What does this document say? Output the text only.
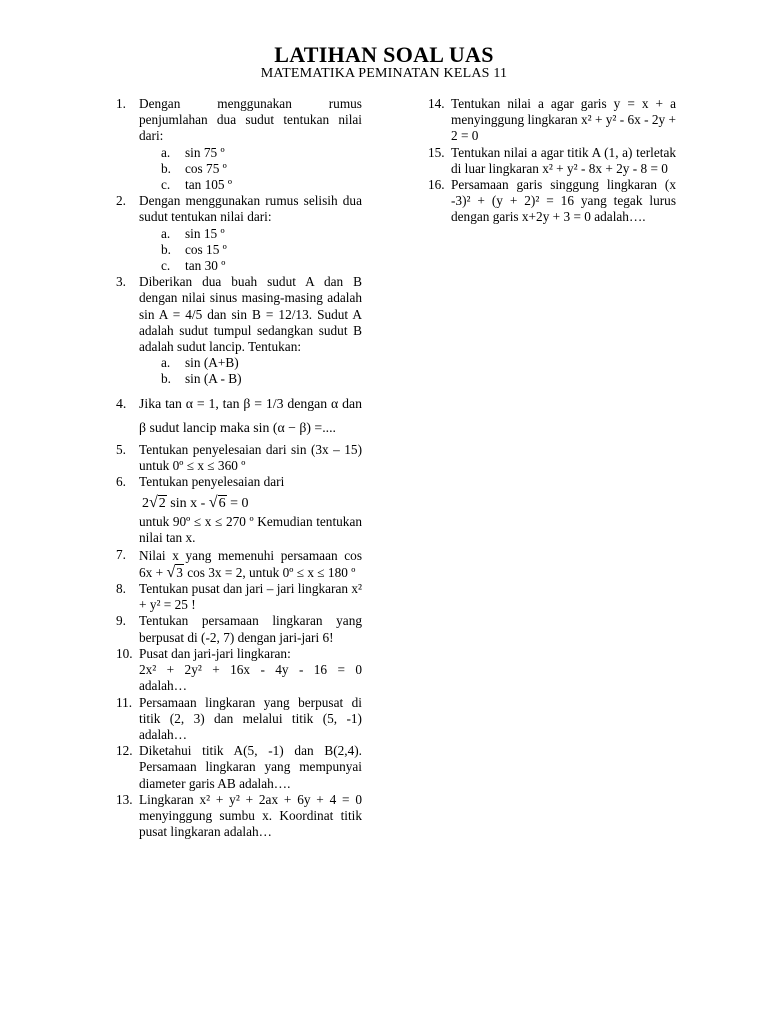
LATIHAN SOAL UAS
MATEMATIKA PEMINATAN KELAS 11
1. Dengan menggunakan rumus penjumlahan dua sudut tentukan nilai dari:
a. sin 75 º
b. cos 75 º
c. tan 105 º
2. Dengan menggunakan rumus selisih dua sudut tentukan nilai dari:
a. sin 15 º
b. cos 15 º
c. tan 30 º
3. Diberikan dua buah sudut A dan B dengan nilai sinus masing-masing adalah sin A = 4/5 dan sin B = 12/13. Sudut A adalah sudut tumpul sedangkan sudut B adalah sudut lancip. Tentukan:
a. sin (A+B)
b. sin (A - B)
4. Jika tan α = 1, tan β = 1/3 dengan α dan β sudut lancip maka sin (α − β) =....
5. Tentukan penyelesaian dari sin (3x – 15) untuk 0º ≤ x ≤ 360 º
6. Tentukan penyelesaian dari
2√2 sin x - √6 = 0
untuk 90º ≤ x ≤ 270 º Kemudian tentukan nilai tan x.
7. Nilai x yang memenuhi persamaan cos 6x + √3 cos 3x = 2, untuk 0º ≤ x ≤ 180 º
8. Tentukan pusat dan jari – jari lingkaran x² + y² = 25 !
9. Tentukan persamaan lingkaran yang berpusat di (-2, 7) dengan jari-jari 6!
10. Pusat dan jari-jari lingkaran:
2x² + 2y² + 16x - 4y - 16 = 0
adalah…
11. Persamaan lingkaran yang berpusat di titik (2, 3) dan melalui titik (5, -1) adalah…
12. Diketahui titik A(5, -1) dan B(2,4). Persamaan lingkaran yang mempunyai diameter garis AB adalah….
13. Lingkaran x² + y² + 2ax + 6y + 4 = 0 menyinggung sumbu x. Koordinat titik pusat lingkaran adalah…
14. Tentukan nilai a agar garis y = x + a menyinggung lingkaran x² + y² - 6x - 2y + 2 = 0
15. Tentukan nilai a agar titik A (1, a) terletak di luar lingkaran x² + y² - 8x + 2y - 8 = 0
16. Persamaan garis singgung lingkaran (x -3)² + (y + 2)² = 16 yang tegak lurus dengan garis x+2y + 3 = 0 adalah….
